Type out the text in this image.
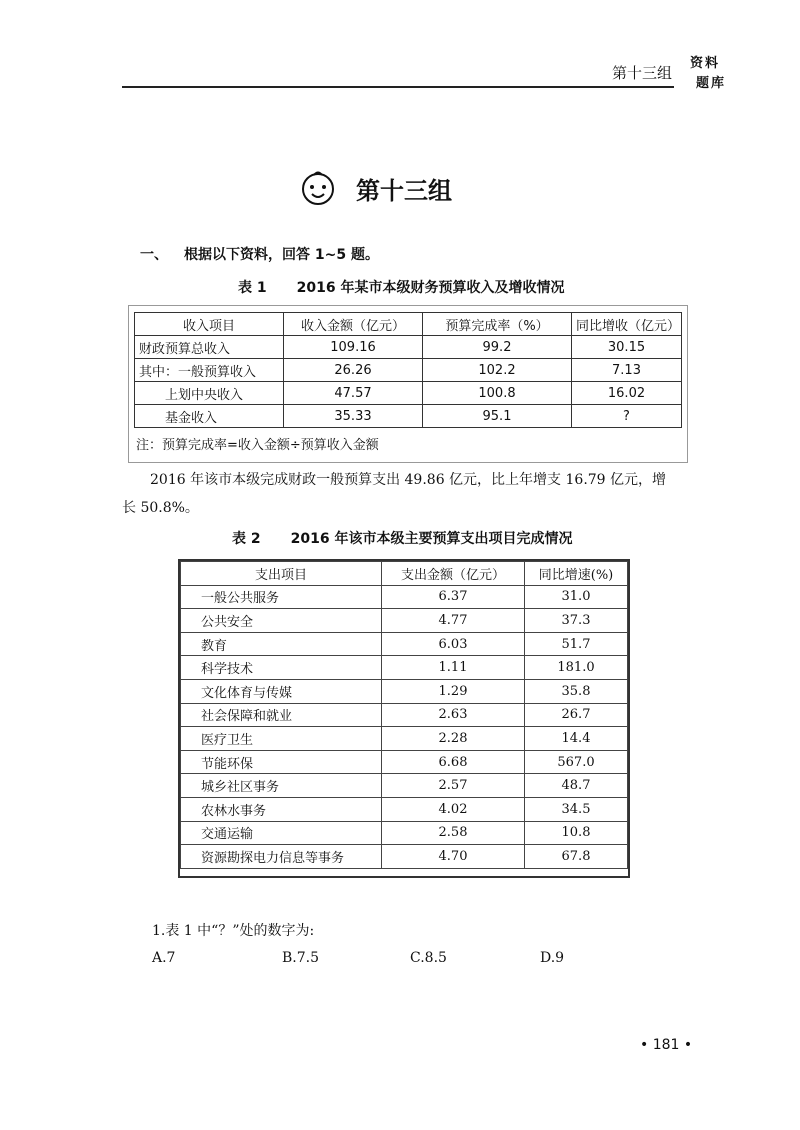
第十三组
资料
题库
第十三组
一、 根据以下资料，回答 1~5 题。
表 1 2016 年某市本级财务预算收入及增收情况
收入项目	收入金额（亿元）	预算完成率（%）	同比增收（亿元）
财政预算总收入	109.16	99.2	30.15
其中：一般预算收入	26.26	102.2	7.13
　　上划中央收入	47.57	100.8	16.02
　　基金收入	35.33	95.1	?
注：预算完成率=收入金额÷预算收入金额
2016 年该市本级完成财政一般预算支出 49.86 亿元，比上年增支 16.79 亿元，增长 50.8%。
表 2 2016 年该市本级主要预算支出项目完成情况
支出项目	支出金额（亿元）	同比增速(%)
一般公共服务	6.37	31.0
公共安全	4.77	37.3
教育	6.03	51.7
科学技术	1.11	181.0
文化体育与传媒	1.29	35.8
社会保障和就业	2.63	26.7
医疗卫生	2.28	14.4
节能环保	6.68	567.0
城乡社区事务	2.57	48.7
农林水事务	4.02	34.5
交通运输	2.58	10.8
资源勘探电力信息等事务	4.70	67.8
1.表 1 中“？”处的数字为:
A.7	B.7.5	C.8.5	D.9
• 181 •
